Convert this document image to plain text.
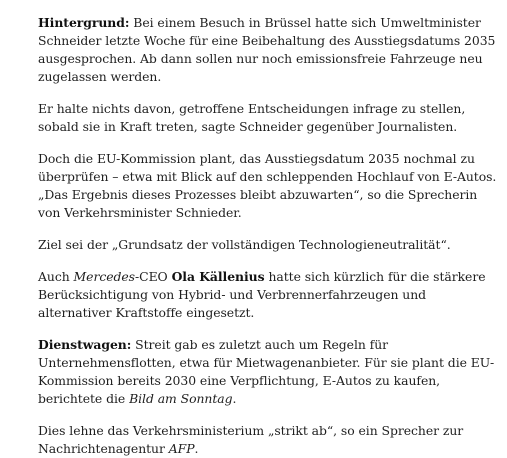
Hintergrund: Bei einem Besuch in Brüssel hatte sich Umweltminister Schneider letzte Woche für eine Beibehaltung des Ausstiegsdatums 2035 ausgesprochen. Ab dann sollen nur noch emissionsfreie Fahrzeuge neu zugelassen werden.

Er halte nichts davon, getroffene Entscheidungen infrage zu stellen, sobald sie in Kraft treten, sagte Schneider gegenüber Journalisten.

Doch die EU-Kommission plant, das Ausstiegsdatum 2035 nochmal zu überprüfen – etwa mit Blick auf den schleppenden Hochlauf von E-Autos. „Das Ergebnis dieses Prozesses bleibt abzuwarten“, so die Sprecherin von Verkehrsminister Schnieder.

Ziel sei der „Grundsatz der vollständigen Technologieneutralität“.

Auch Mercedes-CEO Ola Källenius hatte sich kürzlich für die stärkere Berücksichtigung von Hybrid- und Verbrennerfahrzeugen und alternativer Kraftstoffe eingesetzt.

Dienstwagen: Streit gab es zuletzt auch um Regeln für Unternehmensflotten, etwa für Mietwagenanbieter. Für sie plant die EU-Kommission bereits 2030 eine Verpflichtung, E-Autos zu kaufen, berichtete die Bild am Sonntag.

Dies lehne das Verkehrsministerium „strikt ab“, so ein Sprecher zur Nachrichtenagentur AFP.
